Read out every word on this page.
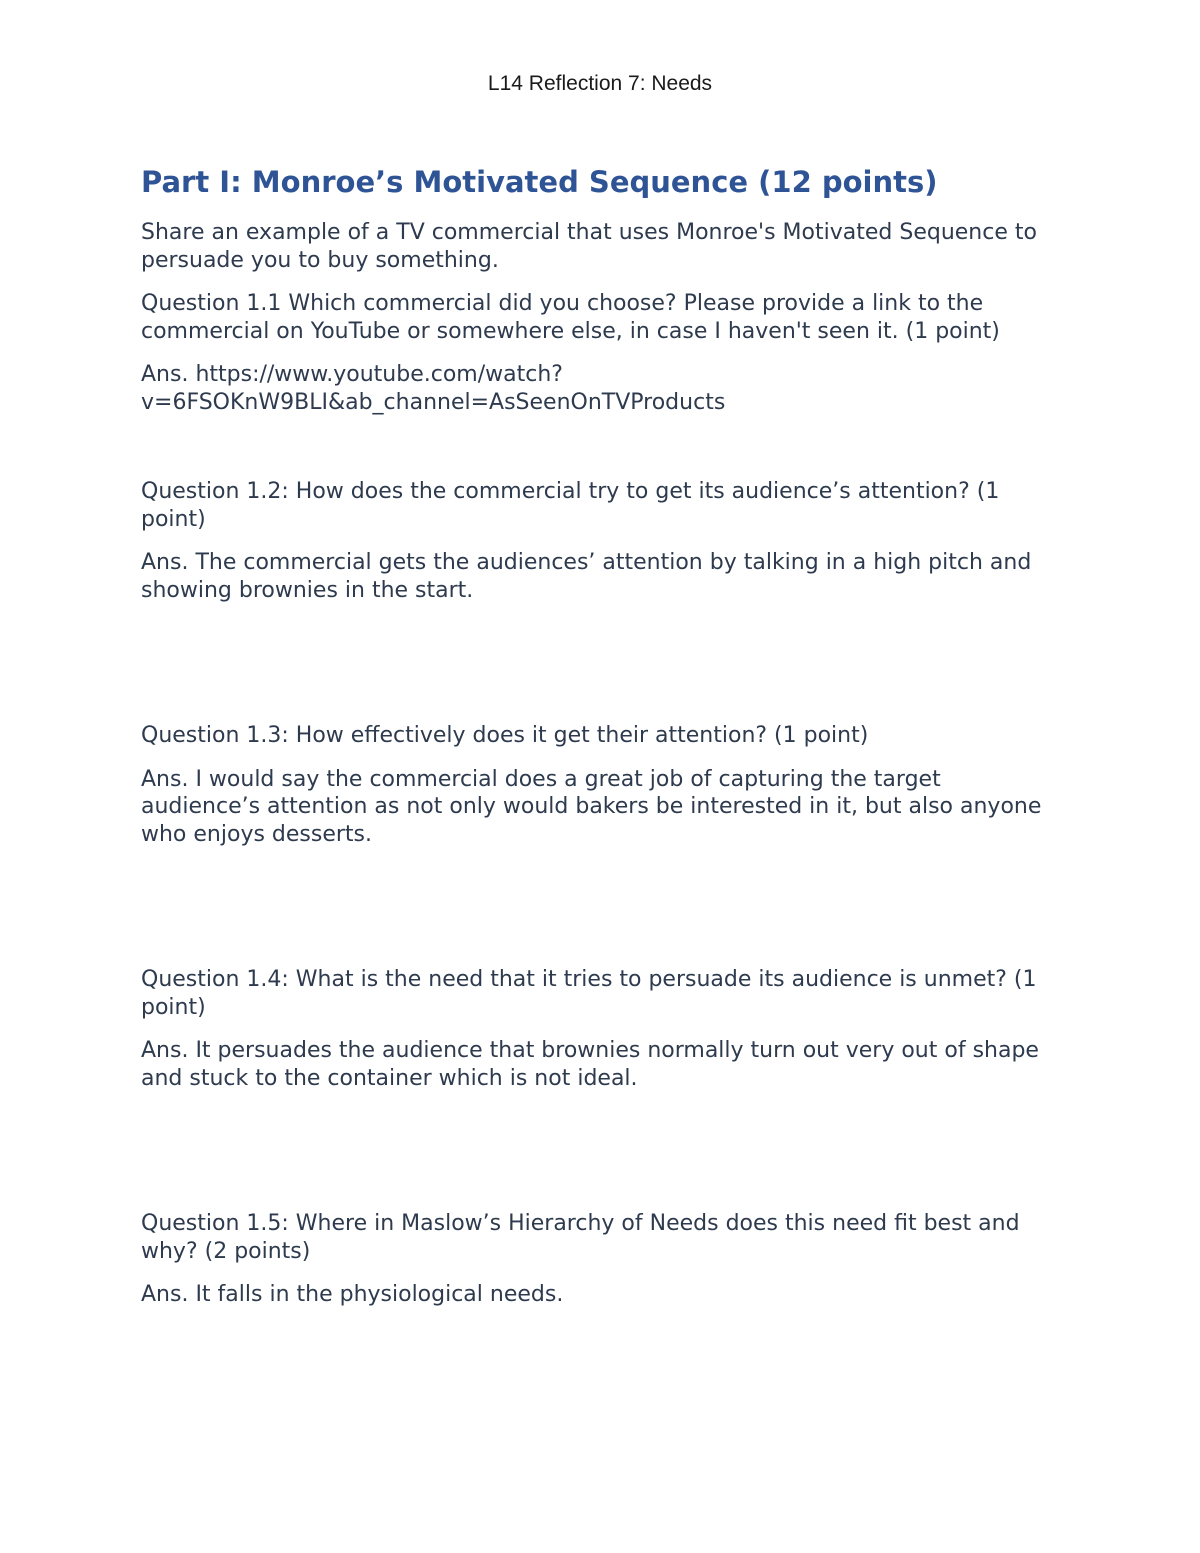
L14 Reflection 7: Needs
Part I: Monroe’s Motivated Sequence (12 points)

Share an example of a TV commercial that uses Monroe's Motivated Sequence to persuade you to buy something.

Question 1.1 Which commercial did you choose? Please provide a link to the commercial on YouTube or somewhere else, in case I haven't seen it. (1 point)

Ans. https://www.youtube.com/watch?
v=6FSOKnW9BLI&ab_channel=AsSeenOnTVProducts

Question 1.2: How does the commercial try to get its audience’s attention? (1 point)

Ans. The commercial gets the audiences’ attention by talking in a high pitch and showing brownies in the start.

Question 1.3: How effectively does it get their attention? (1 point)

Ans. I would say the commercial does a great job of capturing the target audience’s attention as not only would bakers be interested in it, but also anyone who enjoys desserts.

Question 1.4: What is the need that it tries to persuade its audience is unmet? (1 point)

Ans. It persuades the audience that brownies normally turn out very out of shape and stuck to the container which is not ideal.

Question 1.5: Where in Maslow’s Hierarchy of Needs does this need fit best and why? (2 points)

Ans. It falls in the physiological needs.
